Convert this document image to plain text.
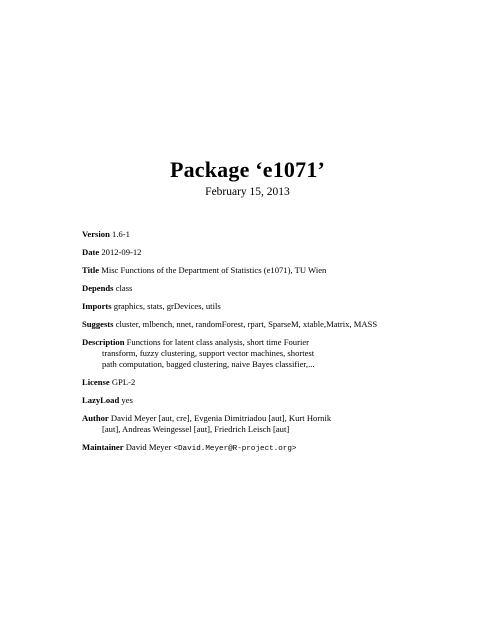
Package ‘e1071’
February 15, 2013
Version 1.6-1
Date 2012-09-12
Title Misc Functions of the Department of Statistics (e1071), TU Wien
Depends class
Imports graphics, stats, grDevices, utils
Suggests cluster, mlbench, nnet, randomForest, rpart, SparseM, xtable,Matrix, MASS
Description Functions for latent class analysis, short time Fourier
transform, fuzzy clustering, support vector machines, shortest
path computation, bagged clustering, naive Bayes classifier,...
License GPL-2
LazyLoad yes
Author David Meyer [aut, cre], Evgenia Dimitriadou [aut], Kurt Hornik
[aut], Andreas Weingessel [aut], Friedrich Leisch [aut]
Maintainer David Meyer <David.Meyer@R-project.org>
